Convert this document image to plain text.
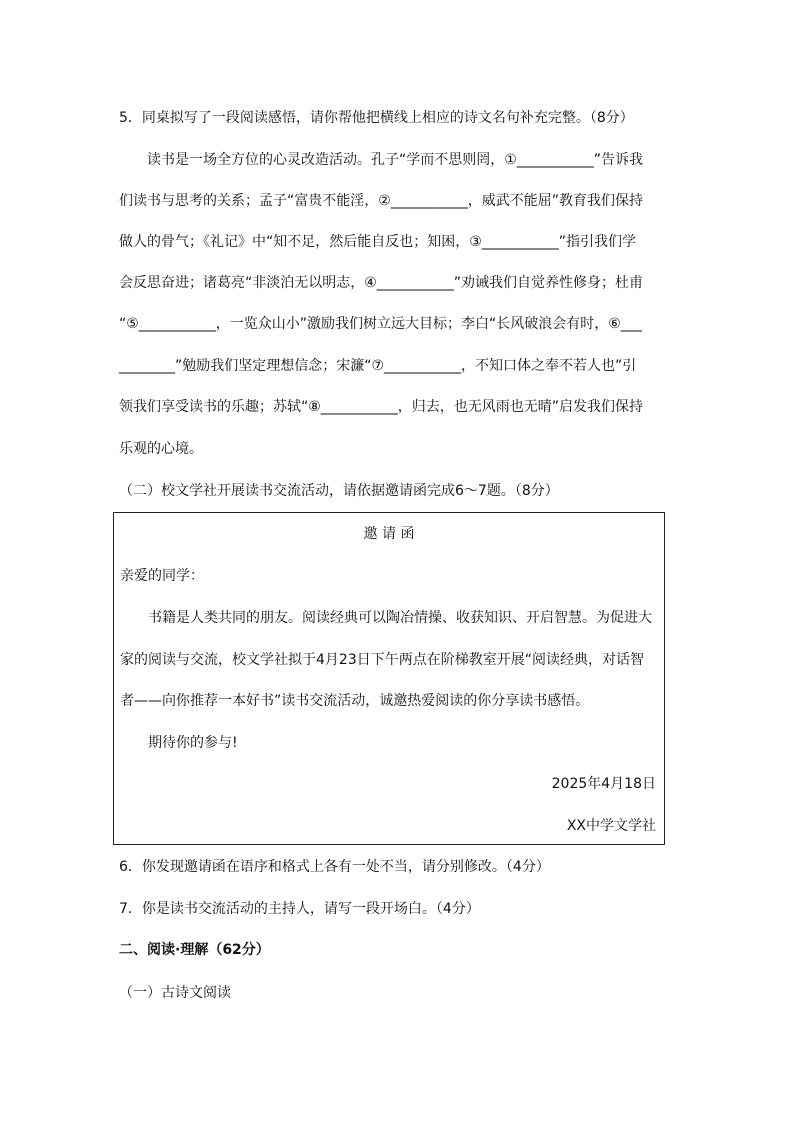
5．同桌拟写了一段阅读感悟，请你帮他把横线上相应的诗文名句补充完整。（8分）
读书是一场全方位的心灵改造活动。孔子“学而不思则罔，①___________”告诉我
们读书与思考的关系；孟子“富贵不能淫，②___________，威武不能屈”教育我们保持
做人的骨气；《礼记》中“知不足，然后能自反也；知困，③___________”指引我们学
会反思奋进；诸葛亮“非淡泊无以明志，④___________”劝诫我们自觉养性修身；杜甫
“⑤___________，一览众山小”激励我们树立远大目标；李白“长风破浪会有时，⑥___
________”勉励我们坚定理想信念；宋濂“⑦___________，不知口体之奉不若人也”引
领我们享受读书的乐趣；苏轼“⑧___________，归去，也无风雨也无晴”启发我们保持
乐观的心境。
（二）校文学社开展读书交流活动，请依据邀请函完成6～7题。（8分）
邀 请 函
亲爱的同学：
书籍是人类共同的朋友。阅读经典可以陶冶情操、收获知识、开启智慧。为促进大
家的阅读与交流，校文学社拟于4月23日下午两点在阶梯教室开展“阅读经典，对话智
者——向你推荐一本好书”读书交流活动，诚邀热爱阅读的你分享读书感悟。
期待你的参与!
2025年4月18日
XX中学文学社
6．你发现邀请函在语序和格式上各有一处不当，请分别修改。（4分）
7．你是读书交流活动的主持人，请写一段开场白。（4分）
二、阅读·理解（62分）
（一）古诗文阅读
